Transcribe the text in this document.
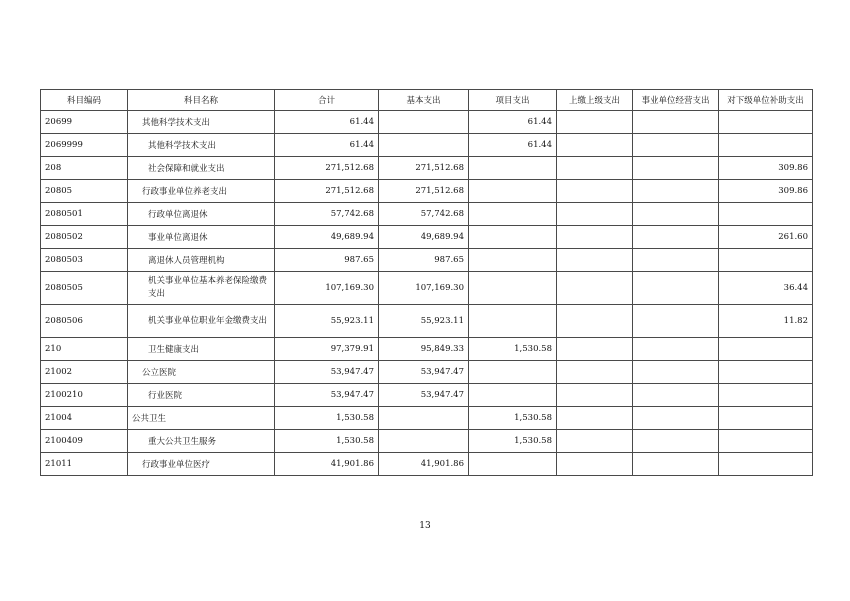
科目编码	科目名称	合计	基本支出	项目支出	上缴上级支出	事业单位经营支出	对下级单位补助支出
20699	其他科学技术支出	61.44		61.44			
2069999	其他科学技术支出	61.44		61.44			
208	社会保障和就业支出	271,512.68	271,512.68				309.86
20805	行政事业单位养老支出	271,512.68	271,512.68				309.86
2080501	行政单位离退休	57,742.68	57,742.68				
2080502	事业单位离退休	49,689.94	49,689.94				261.60
2080503	离退休人员管理机构	987.65	987.65				
2080505	机关事业单位基本养老保险缴费支出	107,169.30	107,169.30				36.44
2080506	机关事业单位职业年金缴费支出	55,923.11	55,923.11				11.82
210	卫生健康支出	97,379.91	95,849.33	1,530.58			
21002	公立医院	53,947.47	53,947.47				
2100210	行业医院	53,947.47	53,947.47				
21004	公共卫生	1,530.58		1,530.58			
2100409	重大公共卫生服务	1,530.58		1,530.58			
21011	行政事业单位医疗	41,901.86	41,901.86				
13
